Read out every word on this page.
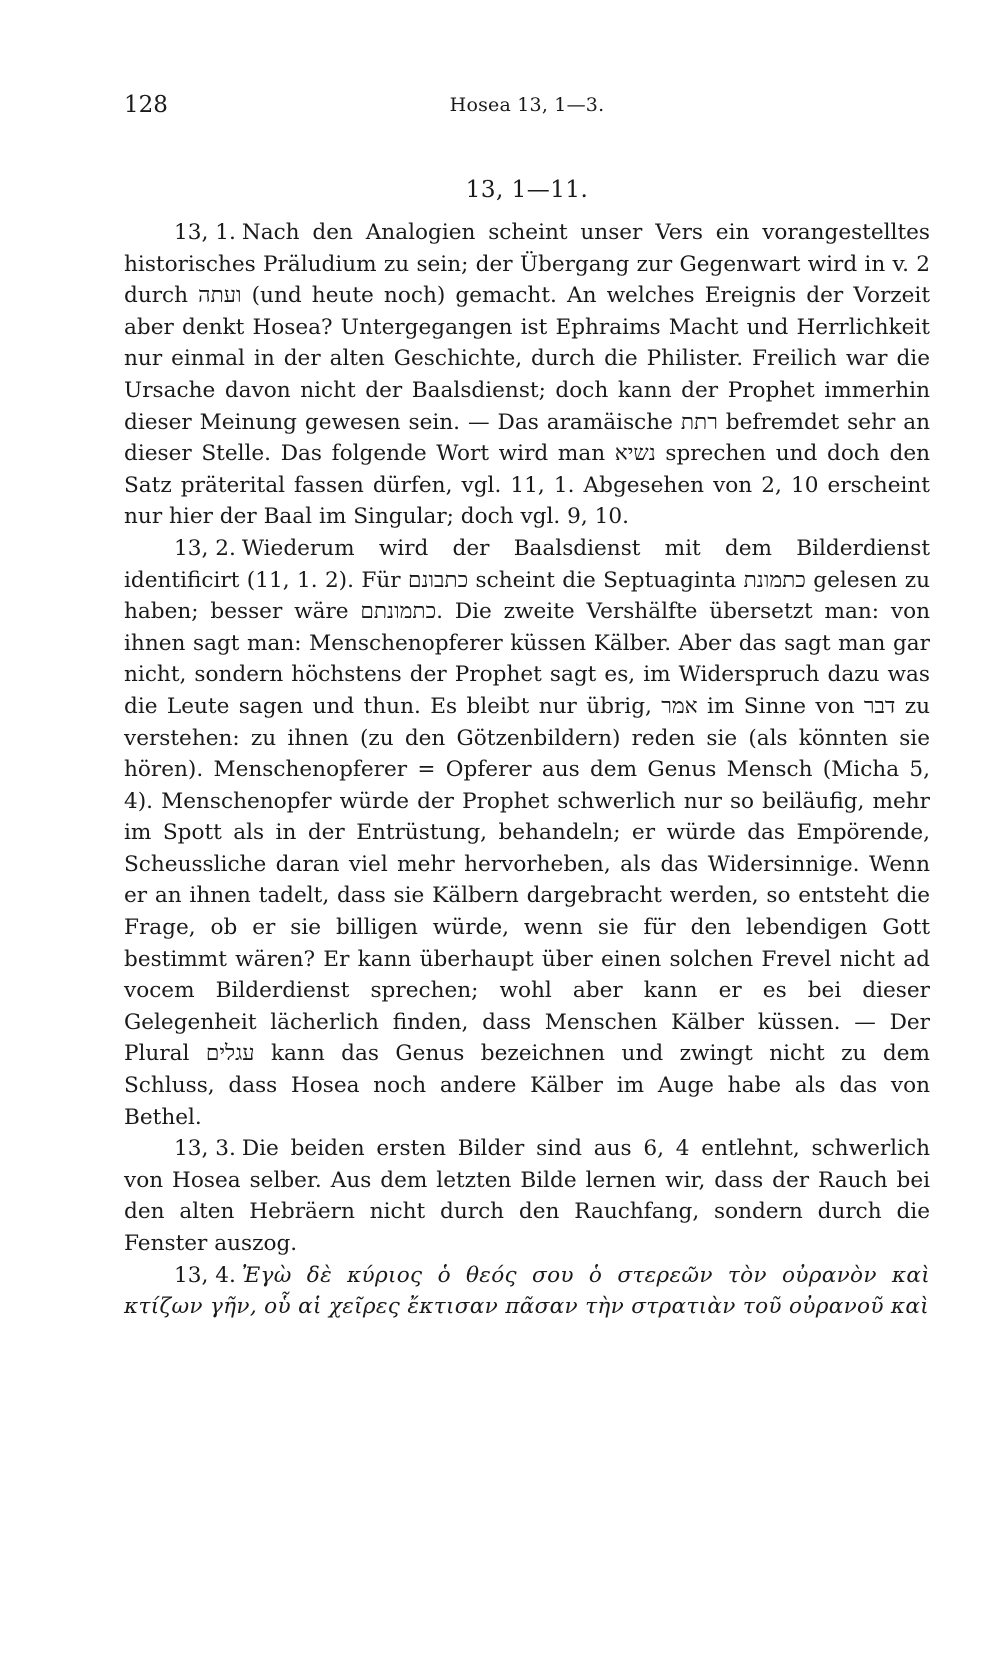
128	Hosea 13, 1—3.
13, 1—11.

13, 1. Nach den Analogien scheint unser Vers ein vorangestelltes historisches Präludium zu sein; der Übergang zur Gegenwart wird in v. 2 durch ועתה (und heute noch) gemacht. An welches Ereignis der Vorzeit aber denkt Hosea? Untergegangen ist Ephraims Macht und Herrlichkeit nur einmal in der alten Geschichte, durch die Philister. Freilich war die Ursache davon nicht der Baalsdienst; doch kann der Prophet immerhin dieser Meinung gewesen sein. — Das aramäische רתת befremdet sehr an dieser Stelle. Das folgende Wort wird man נשיא sprechen und doch den Satz präterital fassen dürfen, vgl. 11, 1. Abgesehen von 2, 10 erscheint nur hier der Baal im Singular; doch vgl. 9, 10.

13, 2. Wiederum wird der Baalsdienst mit dem Bilderdienst identificirt (11, 1. 2). Für כתבונם scheint die Septuaginta כתמונת gelesen zu haben; besser wäre כתמונתם. Die zweite Vershälfte übersetzt man: von ihnen sagt man: Menschenopferer küssen Kälber. Aber das sagt man gar nicht, sondern höchstens der Prophet sagt es, im Widerspruch dazu was die Leute sagen und thun. Es bleibt nur übrig, אמר im Sinne von דבר zu verstehen: zu ihnen (zu den Götzenbildern) reden sie (als könnten sie hören). Menschenopferer = Opferer aus dem Genus Mensch (Micha 5, 4). Menschenopfer würde der Prophet schwerlich nur so beiläufig, mehr im Spott als in der Entrüstung, behandeln; er würde das Empörende, Scheussliche daran viel mehr hervorheben, als das Widersinnige. Wenn er an ihnen tadelt, dass sie Kälbern dargebracht werden, so entsteht die Frage, ob er sie billigen würde, wenn sie für den lebendigen Gott bestimmt wären? Er kann überhaupt über einen solchen Frevel nicht ad vocem Bilderdienst sprechen; wohl aber kann er es bei dieser Gelegenheit lächerlich finden, dass Menschen Kälber küssen. — Der Plural עגלים kann das Genus bezeichnen und zwingt nicht zu dem Schluss, dass Hosea noch andere Kälber im Auge habe als das von Bethel.

13, 3. Die beiden ersten Bilder sind aus 6, 4 entlehnt, schwerlich von Hosea selber. Aus dem letzten Bilde lernen wir, dass der Rauch bei den alten Hebräern nicht durch den Rauchfang, sondern durch die Fenster auszog.

13, 4. Ἐγὼ δὲ κύριος ὁ θεός σου ὁ στερεῶν τὸν οὐρανὸν καὶ κτίζων γῆν, οὗ αἱ χεῖρες ἔκτισαν πᾶσαν τὴν στρατιὰν τοῦ οὐρανοῦ καὶ
